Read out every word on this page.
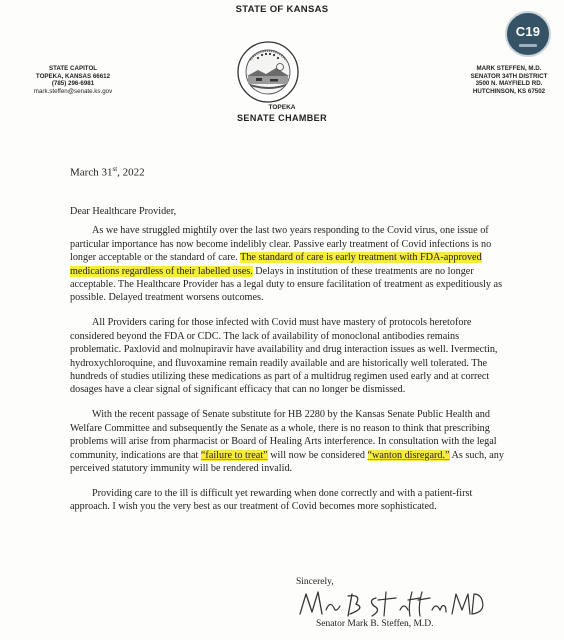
STATE OF KANSAS
STATE CAPITOL
TOPEKA, KANSAS 66612
(785) 296-6981
mark.steffen@senate.ks.gov
TOPEKA
SENATE CHAMBER
MARK STEFFEN, M.D.
SENATOR 34TH DISTRICT
3500 N. MAYFIELD RD.
HUTCHINSON, KS 67502
C19
March 31st, 2022

Dear Healthcare Provider,

As we have struggled mightily over the last two years responding to the Covid virus, one issue of particular importance has now become indelibly clear. Passive early treatment of Covid infections is no longer acceptable or the standard of care. The standard of care is early treatment with FDA-approved medications regardless of their labelled uses. Delays in institution of these treatments are no longer acceptable. The Healthcare Provider has a legal duty to ensure facilitation of treatment as expeditiously as possible. Delayed treatment worsens outcomes.

All Providers caring for those infected with Covid must have mastery of protocols heretofore considered beyond the FDA or CDC. The lack of availability of monoclonal antibodies remains problematic. Paxlovid and molnupiravir have availability and drug interaction issues as well. Ivermectin, hydroxychloroquine, and fluvoxamine remain readily available and are historically well tolerated. The hundreds of studies utilizing these medications as part of a multidrug regimen used early and at correct dosages have a clear signal of significant efficacy that can no longer be dismissed.

With the recent passage of Senate substitute for HB 2280 by the Kansas Senate Public Health and Welfare Committee and subsequently the Senate as a whole, there is no reason to think that prescribing problems will arise from pharmacist or Board of Healing Arts interference. In consultation with the legal community, indications are that “failure to treat” will now be considered “wanton disregard.” As such, any perceived statutory immunity will be rendered invalid.

Providing care to the ill is difficult yet rewarding when done correctly and with a patient-first approach. I wish you the very best as our treatment of Covid becomes more sophisticated.

Sincerely,
Senator Mark B. Steffen, M.D.
